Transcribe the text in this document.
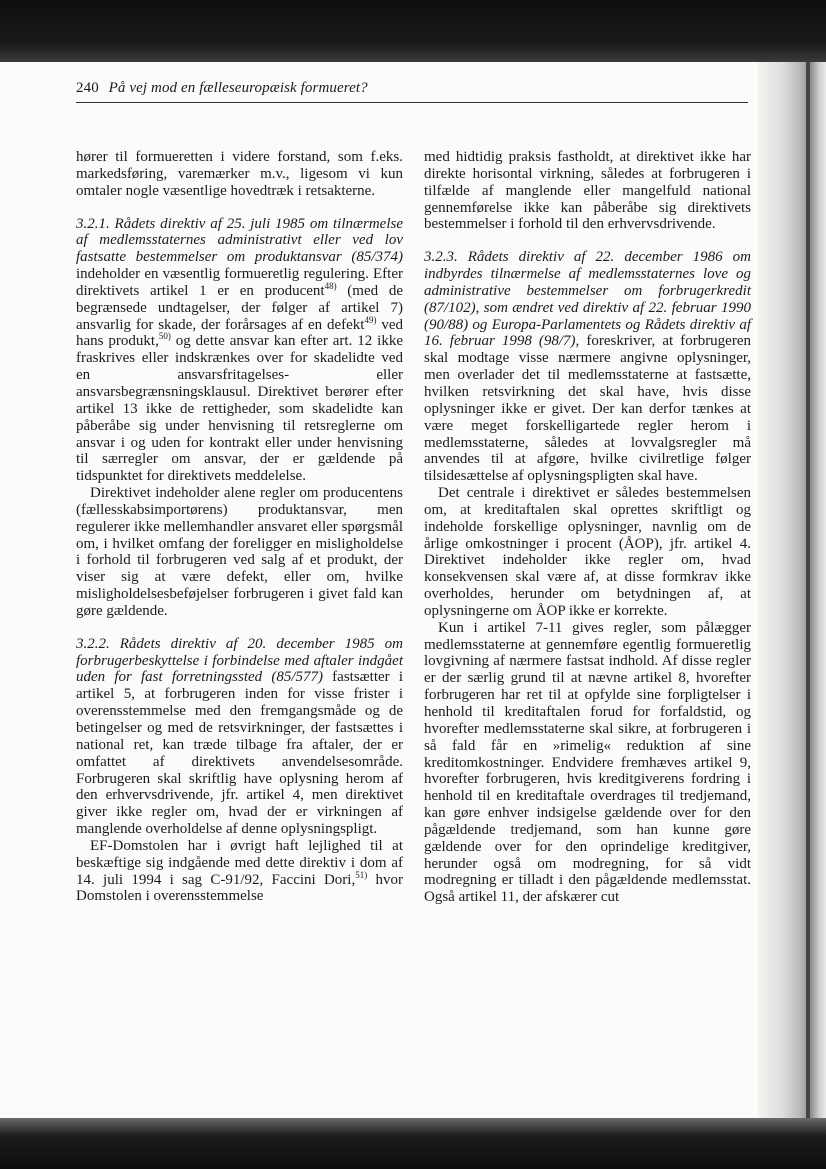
240 På vej mod en fælleseuropæisk formueret?

hører til formueretten i videre forstand, som f.eks. markedsføring, varemærker m.v., ligesom vi kun omtaler nogle væsentlige hovedtræk i retsakterne.

3.2.1. Rådets direktiv af 25. juli 1985 om tilnærmelse af medlemsstaternes administrativt eller ved lov fastsatte bestemmelser om produktansvar (85/374) indeholder en væsentlig formueretlig regulering. Efter direktivets artikel 1 er en producent$^{48)}$ (med de begrænsede undtagelser, der følger af artikel 7) ansvarlig for skade, der forårsages af en defekt$^{49)}$ ved hans produkt,$^{50)}$ og dette ansvar kan efter art. 12 ikke fraskrives eller indskrænkes over for skadelidte ved en ansvarsfritagelses- eller ansvarsbegrænsningsklausul. Direktivet berører efter artikel 13 ikke de rettigheder, som skadelidte kan påberåbe sig under henvisning til retsreglerne om ansvar i og uden for kontrakt eller under henvisning til særregler om ansvar, der er gældende på tidspunktet for direktivets meddelelse.

Direktivet indeholder alene regler om producentens (fællesskabsimportørens) produktansvar, men regulerer ikke mellemhandler ansvaret eller spørgsmål om, i hvilket omfang der foreligger en misligholdelse i forhold til forbrugeren ved salg af et produkt, der viser sig at være defekt, eller om, hvilke misligholdelsesbeføjelser forbrugeren i givet fald kan gøre gældende.

3.2.2. Rådets direktiv af 20. december 1985 om forbrugerbeskyttelse i forbindelse med aftaler indgået uden for fast forretningssted (85/577) fastsætter i artikel 5, at forbrugeren inden for visse frister i overensstemmelse med den fremgangsmåde og de betingelser og med de retsvirkninger, der fastsættes i national ret, kan træde tilbage fra aftaler, der er omfattet af direktivets anvendelsesområde. Forbrugeren skal skriftlig have oplysning herom af den erhvervsdrivende, jfr. artikel 4, men direktivet giver ikke regler om, hvad der er virkningen af manglende overholdelse af denne oplysningspligt.

EF-Domstolen har i øvrigt haft lejlighed til at beskæftige sig indgående med dette direktiv i dom af 14. juli 1994 i sag C-91/92, Faccini Dori,$^{51)}$ hvor Domstolen i overensstemmelse

med hidtidig praksis fastholdt, at direktivet ikke har direkte horisontal virkning, således at forbrugeren i tilfælde af manglende eller mangelfuld national gennemførelse ikke kan påberåbe sig direktivets bestemmelser i forhold til den erhvervsdrivende.

3.2.3. Rådets direktiv af 22. december 1986 om indbyrdes tilnærmelse af medlemsstaternes love og administrative bestemmelser om forbrugerkredit (87/102), som ændret ved direktiv af 22. februar 1990 (90/88) og Europa-Parlamentets og Rådets direktiv af 16. februar 1998 (98/7), foreskriver, at forbrugeren skal modtage visse nærmere angivne oplysninger, men overlader det til medlemsstaterne at fastsætte, hvilken retsvirkning det skal have, hvis disse oplysninger ikke er givet. Der kan derfor tænkes at være meget forskelligartede regler herom i medlemsstaterne, således at lovvalgsregler må anvendes til at afgøre, hvilke civilretlige følger tilsidesættelse af oplysningspligten skal have.

Det centrale i direktivet er således bestemmelsen om, at kreditaftalen skal oprettes skriftligt og indeholde forskellige oplysninger, navnlig om de årlige omkostninger i procent (ÅOP), jfr. artikel 4. Direktivet indeholder ikke regler om, hvad konsekvensen skal være af, at disse formkrav ikke overholdes, herunder om betydningen af, at oplysningerne om ÅOP ikke er korrekte.

Kun i artikel 7-11 gives regler, som pålægger medlemsstaterne at gennemføre egentlig formueretlig lovgivning af nærmere fastsat indhold. Af disse regler er der særlig grund til at nævne artikel 8, hvorefter forbrugeren har ret til at opfylde sine forpligtelser i henhold til kreditaftalen forud for forfaldstid, og hvorefter medlemsstaterne skal sikre, at forbrugeren i så fald får en »rimelig« reduktion af sine kreditomkostninger. Endvidere fremhæves artikel 9, hvorefter forbrugeren, hvis kreditgiverens fordring i henhold til en kreditaftale overdrages til tredjemand, kan gøre enhver indsigelse gældende over for den pågældende tredjemand, som han kunne gøre gældende over for den oprindelige kreditgiver, herunder også om modregning, for så vidt modregning er tilladt i den pågældende medlemsstat. Også artikel 11, der afskærer cut
